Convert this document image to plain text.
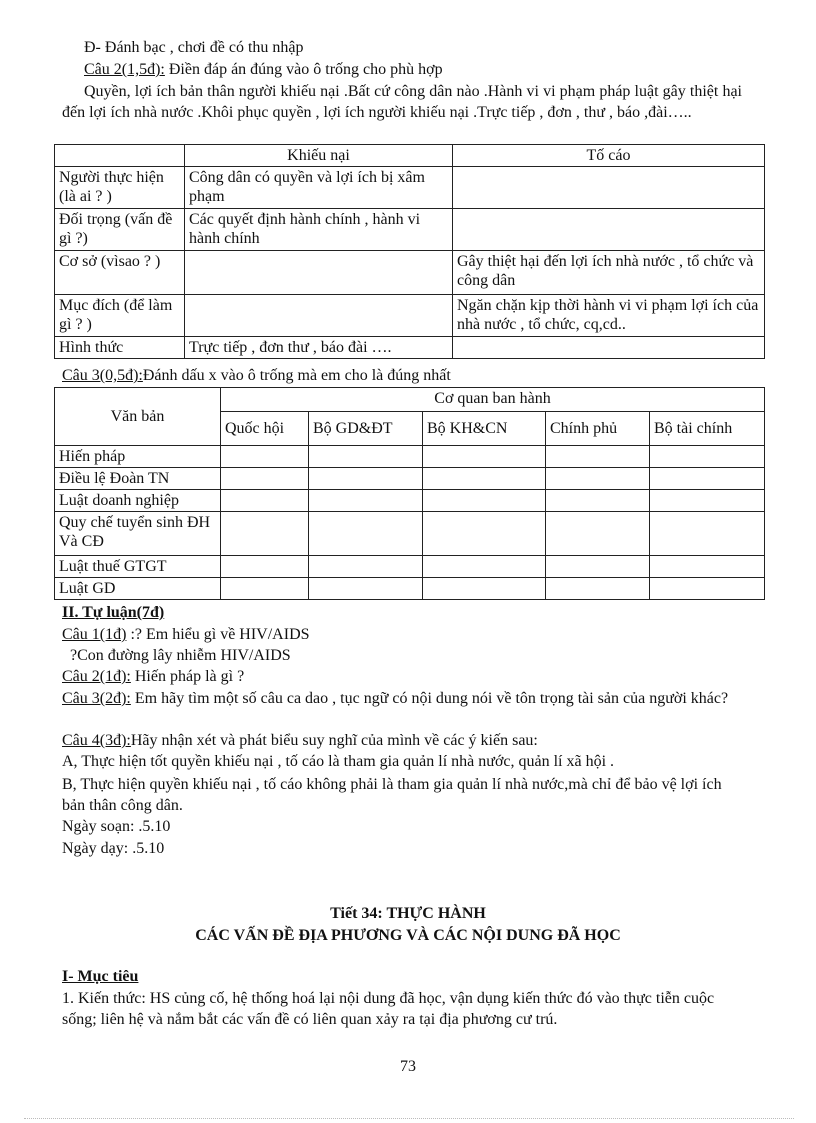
Đ- Đánh bạc , chơi đề có thu nhập
Câu 2(1,5đ): Điền đáp án đúng vào ô trống cho phù hợp
Quyền, lợi ích bản thân người khiếu nại .Bất cứ công dân nào .Hành vi vi phạm pháp luật gây thiệt hại đến lợi ích nhà nước .Khôi phục quyền , lợi ích người khiếu nại .Trực tiếp , đơn , thư , báo ,đài…..
	Khiếu nại	Tố cáo
Người thực hiện (là ai ? )	Công dân có quyền và lợi ích bị xâm phạm	
Đối trọng (vấn đề gì ?)	Các quyết định hành chính , hành vi hành chính	
Cơ sở (vìsao ? )		Gây thiệt hại đến lợi ích nhà nước , tổ chức và công dân
Mục đích (để làm gì ? )		Ngăn chặn kịp thời hành vi vi phạm lợi ích của nhà nước , tổ chức, cq,cd..
Hình thức	Trực tiếp , đơn thư , báo đài ….	
Câu 3(0,5đ):Đánh dấu x vào ô trống mà em cho là đúng nhất
Văn bản	Cơ quan ban hành				
	Quốc hội	Bộ GD&ĐT	Bộ KH&CN	Chính phủ	Bộ tài chính
Hiến pháp					
Điều lệ Đoàn TN					
Luật doanh nghiệp					
Quy chế tuyển sinh ĐH Và CĐ					
Luật thuế GTGT					
Luật GD					
II. Tự luận(7đ)
Câu 1(1đ) :? Em hiểu gì về HIV/AIDS
?Con đường lây nhiễm HIV/AIDS
Câu 2(1đ): Hiến pháp là gì ?
Câu 3(2đ): Em hãy tìm một số câu ca dao , tục ngữ có nội dung nói về tôn trọng tài sản của người khác?
Câu 4(3đ):Hãy nhận xét và phát biểu suy nghĩ của mình về các ý kiến sau:
A, Thực hiện tốt quyền khiếu nại , tố cáo là tham gia quản lí nhà nước, quản lí xã hội .
B, Thực hiện quyền khiếu nại , tố cáo không phải là tham gia quản lí nhà nước,mà chỉ để bảo vệ lợi ích bản thân công dân.
Ngày soạn: .5.10
Ngày dạy: .5.10
Tiết 34: THỰC HÀNH
CÁC VẤN ĐỀ ĐỊA PHƯƠNG VÀ CÁC NỘI DUNG ĐÃ HỌC
I- Mục tiêu
1. Kiến thức: HS củng cố, hệ thống hoá lại nội dung đã học, vận dụng kiến thức đó vào thực tiễn cuộc sống; liên hệ và nắm bắt các vấn đề có liên quan xảy ra tại địa phương cư trú.
73
